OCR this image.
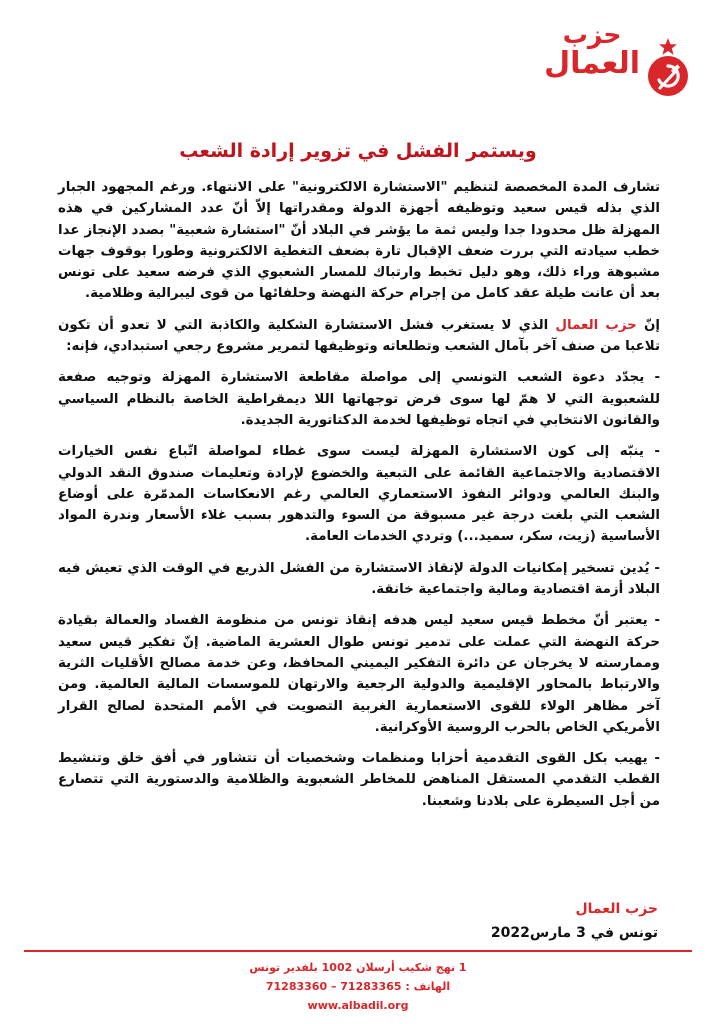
حزب
العمال
ويستمر الفشل في تزوير إرادة الشعب

تشارف المدة المخصصة لتنظيم "الاستشارة الالكترونية" على الانتهاء. ورغم المجهود الجبار الذي بذله قيس سعيد وتوظيفه أجهزة الدولة ومقدراتها إلاّ أنّ عدد المشاركين في هذه المهزلة ظل محدودا جدا وليس ثمة ما يؤشر في البلاد أنّ "استشارة شعبية" بصدد الإنجاز عدا خطب سيادته التي بررت ضعف الإقبال تارة بضعف التغطية الالكترونية وطورا بوقوف جهات مشبوهة وراء ذلك، وهو دليل تخبط وارتباك للمسار الشعبوي الذي فرضه سعيد على تونس بعد أن عانت طيلة عقد كامل من إجرام حركة النهضة وحلفائها من قوى ليبرالية وظلامية.

إنّ حزب العمال الذي لا يستغرب فشل الاستشارة الشكلية والكاذبة التي لا تعدو أن تكون تلاعبا من صنف آخر بآمال الشعب وتطلعاته وتوظيفها لتمرير مشروع رجعي استبدادي، فإنه:

- يجدّد دعوة الشعب التونسي إلى مواصلة مقاطعة الاستشارة المهزلة وتوجيه صفعة للشعبوية التي لا همّ لها سوى فرض توجهاتها اللا ديمقراطية الخاصة بالنظام السياسي والقانون الانتخابي في اتجاه توظيفها لخدمة الدكتاتورية الجديدة.

- ينبّه إلى كون الاستشارة المهزلة ليست سوى غطاء لمواصلة اتّباع نفس الخيارات الاقتصادية والاجتماعية القائمة على التبعية والخضوع لإرادة وتعليمات صندوق النقد الدولي والبنك العالمي ودوائر النفوذ الاستعماري العالمي رغم الانعكاسات المدمّرة على أوضاع الشعب التي بلغت درجة غير مسبوقة من السوء والتدهور بسبب غلاء الأسعار وندرة المواد الأساسية (زيت، سكر، سميد...) وتردي الخدمات العامة.

- يُدين تسخير إمكانيات الدولة لإنقاذ الاستشارة من الفشل الذريع في الوقت الذي تعيش فيه البلاد أزمة اقتصادية ومالية واجتماعية خانقة.

- يعتبر أنّ مخطط قيس سعيد ليس هدفه إنقاذ تونس من منظومة الفساد والعمالة بقيادة حركة النهضة التي عملت على تدمير تونس طوال العشرية الماضية. إنّ تفكير قيس سعيد وممارسته لا يخرجان عن دائرة التفكير اليميني المحافظ، وعن خدمة مصالح الأقليات الثرية والارتباط بالمحاور الإقليمية والدولية الرجعية والارتهان للموسسات المالية العالمية. ومن آخر مظاهر الولاء للقوى الاستعمارية الغربية التصويت في الأمم المتحدة لصالح القرار الأمريكي الخاص بالحرب الروسية الأوكرانية.

- يهيب بكل القوى التقدمية أحزابا ومنظمات وشخصيات أن تتشاور في أفق خلق وتنشيط القطب التقدمي المستقل المناهض للمخاطر الشعبوية والظلامية والدستورية التي تتصارع من أجل السيطرة على بلادنا وشعبنا.

حزب العمال
تونس في 3 مارس2022
1 نهج شكيب أرسلان 1002 بلفدير تونس
الهاتف : 71283365 – 71283360
www.albadil.org
